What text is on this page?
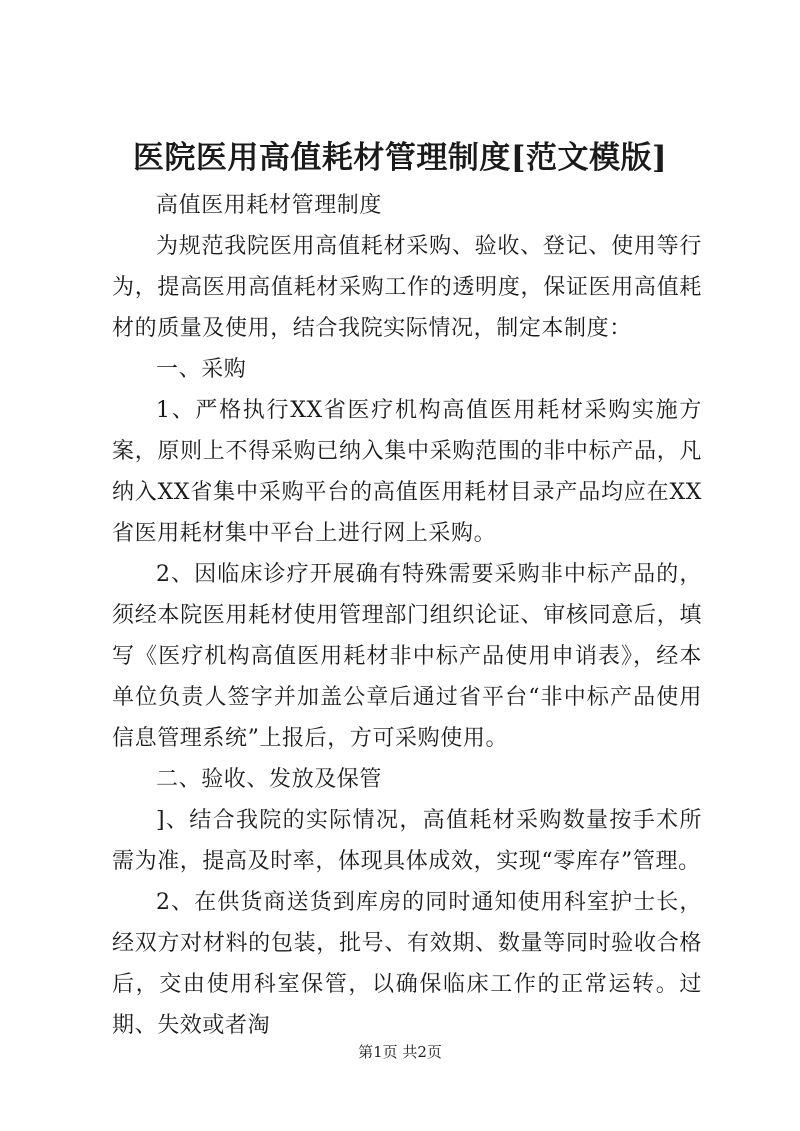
医院医用高值耗材管理制度[范文模版]

高值医用耗材管理制度

为规范我院医用高值耗材采购、验收、登记、使用等行为，提高医用高值耗材采购工作的透明度，保证医用高值耗材的质量及使用，结合我院实际情况，制定本制度：

一、采购

1、严格执行XX省医疗机构高值医用耗材采购实施方案，原则上不得采购已纳入集中采购范围的非中标产品，凡纳入XX省集中采购平台的高值医用耗材目录产品均应在XX省医用耗材集中平台上进行网上采购。

2、因临床诊疗开展确有特殊需要采购非中标产品的，须经本院医用耗材使用管理部门组织论证、审核同意后，填写《医疗机构高值医用耗材非中标产品使用申诮表》，经本单位负责人签字并加盖公章后通过省平台“非中标产品使用信息管理系统”上报后，方可采购使用。

二、验收、发放及保管

]、结合我院的实际情况，高值耗材采购数量按手术所需为准，提高及时率，体现具体成效，实现“零库存”管理。

2、在供货商送货到库房的同时通知使用科室护士长，经双方对材料的包装，批号、有效期、数量等同时验收合格后，交由使用科室保管，以确保临床工作的正常运转。过期、失效或者淘

第1页 共2页
